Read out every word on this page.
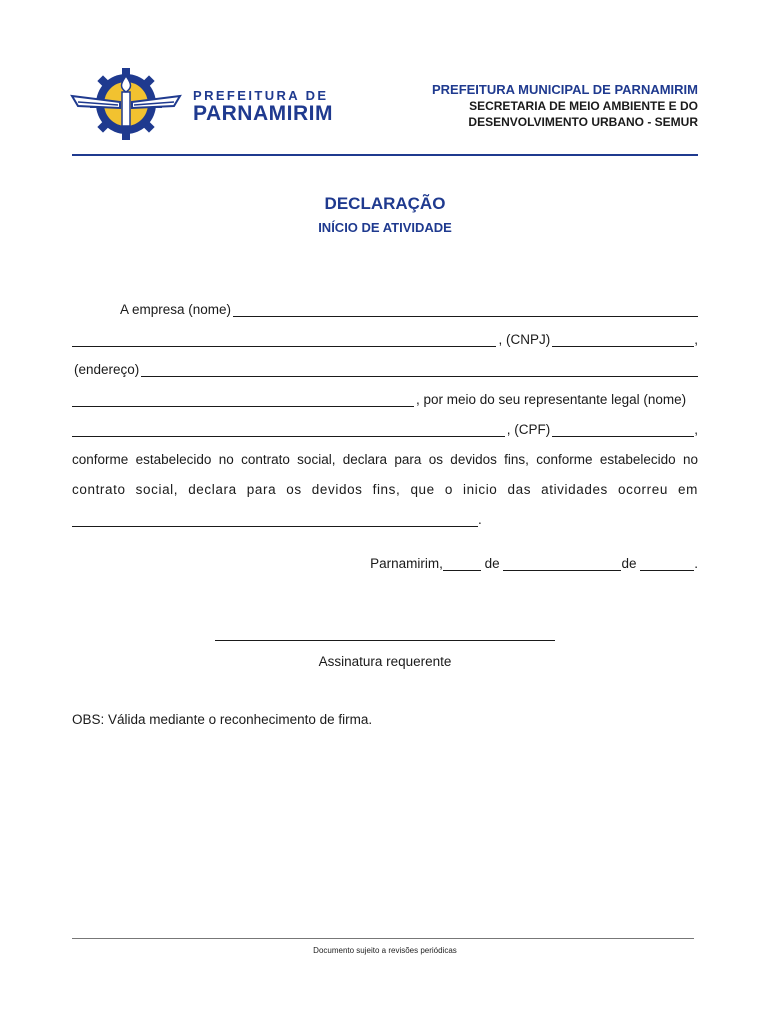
PREFEITURA DE
PARNAMIRIM
PREFEITURA MUNICIPAL DE PARNAMIRIM
SECRETARIA DE MEIO AMBIENTE E DO
DESENVOLVIMENTO URBANO - SEMUR
DECLARAÇÃO
INÍCIO DE ATIVIDADE
A empresa (nome)
, (CNPJ)	,
(endereço)
, por meio do seu representante legal (nome)
, (CPF)	,
conforme estabelecido no contrato social, declara para os devidos fins, conforme estabelecido no
contrato social, declara para os devidos fins, que o inicio das atividades ocorreu em
.
Parnamirim,	de	de	.
Assinatura requerente
OBS: Válida mediante o reconhecimento de firma.
Documento sujeito a revisões periódicas
